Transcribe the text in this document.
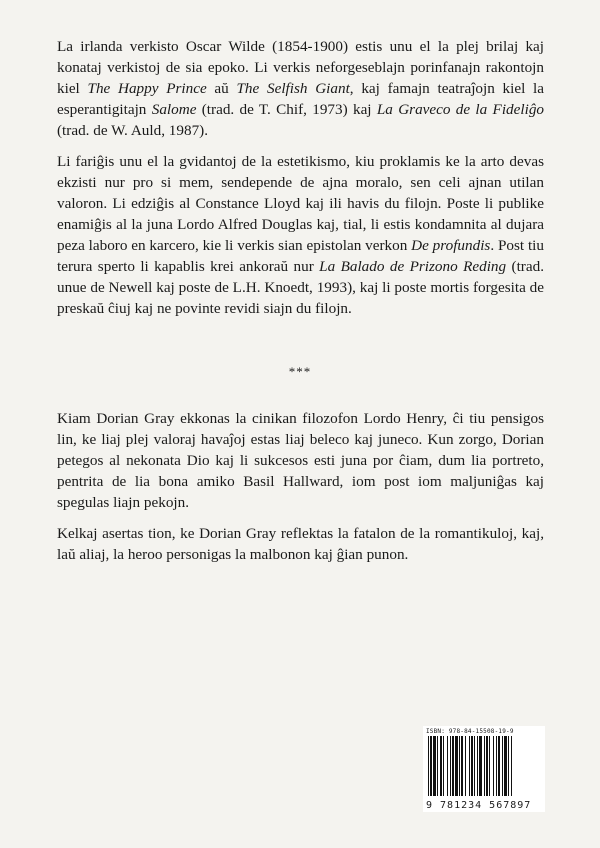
La irlanda verkisto Oscar Wilde (1854-1900) estis unu el la plej brilaj kaj konataj verkistoj de sia epoko. Li verkis neforgeseblajn porinfanajn rakontojn kiel The Happy Prince aŭ The Selfish Giant, kaj famajn teatraĵojn kiel la esperantigitajn Salome (trad. de T. Chif, 1973) kaj La Graveco de la Fideliĝo (trad. de W. Auld, 1987).

Li fariĝis unu el la gvidantoj de la estetikismo, kiu proklamis ke la arto devas ekzisti nur pro si mem, sendepende de ajna moralo, sen celi ajnan utilan valoron. Li edziĝis al Constance Lloyd kaj ili havis du filojn. Poste li publike enamiĝis al la juna Lordo Alfred Douglas kaj, tial, li estis kondamnita al dujara peza laboro en karcero, kie li verkis sian epistolan verkon De profundis. Post tiu terura sperto li kapablis krei ankoraŭ nur La Balado de Prizono Reding (trad. unue de Newell kaj poste de L.H. Knoedt, 1993), kaj li poste mortis forgesita de preskaŭ ĉiuj kaj ne povinte revidi siajn du filojn.

***

Kiam Dorian Gray ekkonas la cinikan filozofon Lordo Henry, ĉi tiu pensigos lin, ke liaj plej valoraj havaĵoj estas liaj beleco kaj juneco. Kun zorgo, Dorian petegos al nekonata Dio kaj li sukcesos esti juna por ĉiam, dum lia portreto, pentrita de lia bona amiko Basil Hallward, iom post iom maljuniĝas kaj spegulas liajn pekojn.

Kelkaj asertas tion, ke Dorian Gray reflektas la fatalon de la romantikuloj, kaj, laŭ aliaj, la heroo personigas la malbonon kaj ĝian punon.

ISBN: 978-84-15508-19-9
9 781234 567897
